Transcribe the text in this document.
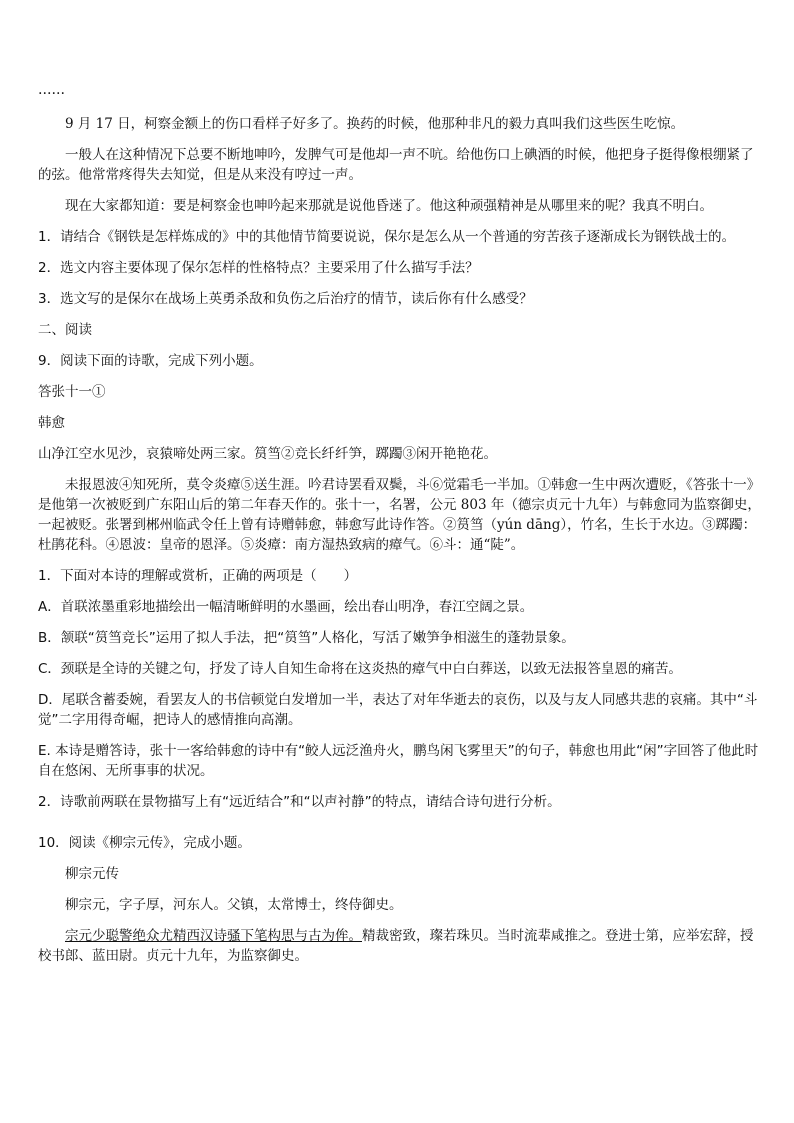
……
9 月 17 日，柯察金额上的伤口看样子好多了。换药的时候，他那种非凡的毅力真叫我们这些医生吃惊。
一般人在这种情况下总要不断地呻吟，发脾气可是他却一声不吭。给他伤口上碘酒的时候，他把身子挺得像根绷紧了的弦。他常常疼得失去知觉，但是从来没有哼过一声。
现在大家都知道：要是柯察金也呻吟起来那就是说他昏迷了。他这种顽强精神是从哪里来的呢？我真不明白。
1．请结合《钢铁是怎样炼成的》中的其他情节简要说说，保尔是怎么从一个普通的穷苦孩子逐渐成长为钢铁战士的。
2．选文内容主要体现了保尔怎样的性格特点？主要采用了什么描写手法？
3．选文写的是保尔在战场上英勇杀敌和负伤之后治疗的情节，读后你有什么感受？
二、阅读
9．阅读下面的诗歌，完成下列小题。
答张十一①
韩愈
山净江空水见沙，哀猿啼处两三家。筼筜②竞长纤纤笋，踯躅③闲开艳艳花。
未报恩波④知死所，莫令炎瘴⑤送生涯。吟君诗罢看双鬓，斗⑥觉霜毛一半加。①韩愈一生中两次遭贬，《答张十一》是他第一次被贬到广东阳山后的第二年春天作的。张十一，名署，公元 803 年（德宗贞元十九年）与韩愈同为监察御史，一起被贬。张署到郴州临武令任上曾有诗赠韩愈，韩愈写此诗作答。②筼筜（yún dāng），竹名，生长于水边。③踯躅：杜鹃花科。④恩波：皇帝的恩泽。⑤炎瘴：南方湿热致病的瘴气。⑥斗：通“陡”。
1．下面对本诗的理解或赏析，正确的两项是（　　）
A．首联浓墨重彩地描绘出一幅清晰鲜明的水墨画，绘出春山明净，春江空阔之景。
B．颔联“筼筜竞长”运用了拟人手法，把“筼筜”人格化，写活了嫩笋争相滋生的蓬勃景象。
C．颈联是全诗的关键之句，抒发了诗人自知生命将在这炎热的瘴气中白白葬送，以致无法报答皇恩的痛苦。
D．尾联含蓄委婉，看罢友人的书信顿觉白发增加一半，表达了对年华逝去的哀伤，以及与友人同感共悲的哀痛。其中“斗觉”二字用得奇崛，把诗人的感情推向高潮。
E. 本诗是赠答诗，张十一客给韩愈的诗中有“鲛人远泛渔舟火，鹏鸟闲飞雾里天”的句子，韩愈也用此“闲”字回答了他此时自在悠闲、无所事事的状况。
2．诗歌前两联在景物描写上有“远近结合”和“以声衬静”的特点，请结合诗句进行分析。
10．阅读《柳宗元传》，完成小题。
柳宗元传
柳宗元，字子厚，河东人。父镇，太常博士，终侍御史。
宗元少聪警绝众尤精西汉诗骚下笔构思与古为侔。精裁密致，璨若珠贝。当时流辈咸推之。登进士第，应举宏辞，授校书郎、蓝田尉。贞元十九年，为监察御史。
